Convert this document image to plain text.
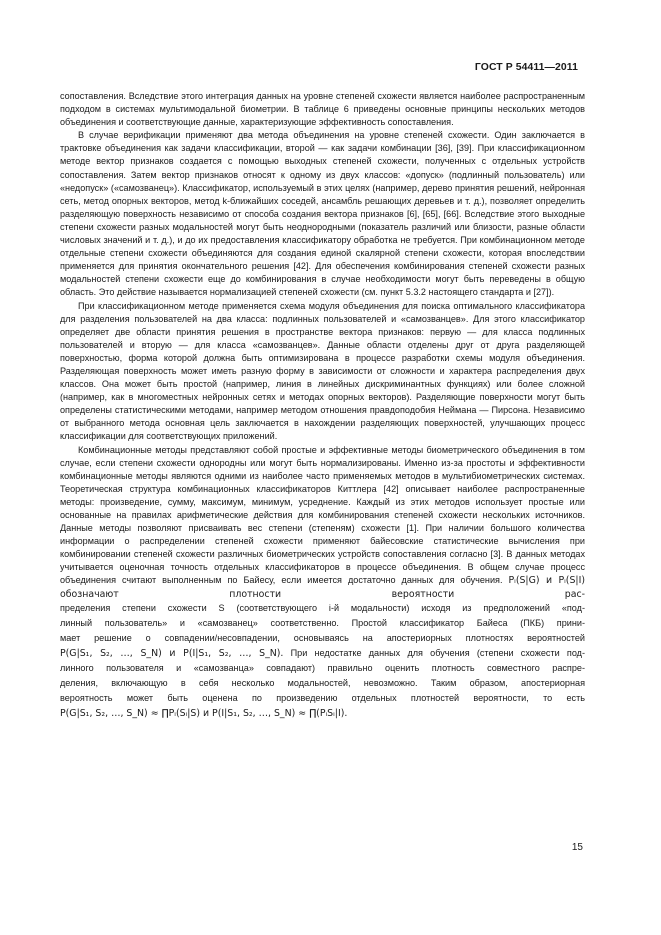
ГОСТ Р 54411—2011

сопоставления. Вследствие этого интеграция данных на уровне степеней схожести является наиболее распространенным подходом в системах мультимодальной биометрии. В таблице 6 приведены основные принципы нескольких методов объединения и соответствующие данные, характеризующие эффективность сопоставления.

В случае верификации применяют два метода объединения на уровне степеней схожести. Один заключается в трактовке объединения как задачи классификации, второй — как задачи комбинации [36], [39]. При классификационном методе вектор признаков создается с помощью выходных степеней схожести, полученных с отдельных устройств сопоставления. Затем вектор признаков относят к одному из двух классов: «допуск» (подлинный пользователь) или «недопуск» («самозванец»). Классификатор, используемый в этих целях (например, дерево принятия решений, нейронная сеть, метод опорных векторов, метод k-ближайших соседей, ансамбль решающих деревьев и т. д.), позволяет определить разделяющую поверхность независимо от способа создания вектора признаков [6], [65], [66]. Вследствие этого выходные степени схожести разных модальностей могут быть неоднородными (показатель различий или близости, разные области числовых значений и т. д.), и до их предоставления классификатору обработка не требуется. При комбинационном методе отдельные степени схожести объединяются для создания единой скалярной степени схожести, которая впоследствии применяется для принятия окончательного решения [42]. Для обеспечения комбинирования степеней схожести разных модальностей степени схожести еще до комбинирования в случае необходимости могут быть переведены в общую область. Это действие называется нормализацией степеней схожести (см. пункт 5.3.2 настоящего стандарта и [27]).

При классификационном методе применяется схема модуля объединения для поиска оптимального классификатора для разделения пользователей на два класса: подлинных пользователей и «самозванцев». Для этого классификатор определяет две области принятия решения в пространстве вектора признаков: первую — для класса подлинных пользователей и вторую — для класса «самозванцев». Данные области отделены друг от друга разделяющей поверхностью, форма которой должна быть оптимизирована в процессе разработки схемы модуля объединения. Разделяющая поверхность может иметь разную форму в зависимости от сложности и характера распределения двух классов. Она может быть простой (например, линия в линейных дискриминантных функциях) или более сложной (например, как в многоместных нейронных сетях и методах опорных векторов). Разделяющие поверхности могут быть определены статистическими методами, например методом отношения правдоподобия Неймана — Пирсона. Независимо от выбранного метода основная цель заключается в нахождении разделяющих поверхностей, улучшающих процесс классификации для соответствующих приложений.

Комбинационные методы представляют собой простые и эффективные методы биометрического объединения в том случае, если степени схожести однородны или могут быть нормализированы. Именно из-за простоты и эффективности комбинационные методы являются одними из наиболее часто применяемых методов в мультибиометрических системах. Теоретическая структура комбинационных классификаторов Киттлера [42] описывает наиболее распространенные методы: произведение, сумму, максимум, минимум, усреднение. Каждый из этих методов использует простые или основанные на правилах арифметические действия для комбинирования степеней схожести нескольких источников. Данные методы позволяют присваивать вес степени (степеням) схожести [1]. При наличии большого количества информации о распределении степеней схожести применяют байесовские статистические вычисления при комбинировании степеней схожести различных биометрических устройств сопоставления согласно [3]. В данных методах учитывается оценочная точность отдельных классификаторов в процессе объединения. В общем случае процесс объединения считают выполненным по Байесу, если имеется достаточно данных для обучения. Pᵢ(S|G) и Pᵢ(S|I) обозначают плотности вероятности рас-

пределения степени схожести S (соответствующего i-й модальности) исходя из предположений «под-

линный пользователь» и «самозванец» соответственно. Простой классификатор Байеса (ПКБ) прини-

мает решение о совпадении/несовпадении, основываясь на апостериорных плотностях вероятностей

P(G|S₁, S₂, …, S_N) и P(I|S₁, S₂, …, S_N). При недостатке данных для обучения (степени схожести под-

линного пользователя и «самозванца» совпадают) правильно оценить плотность совместного распре-

деления, включающую в себя несколько модальностей, невозможно. Таким образом, апостериорная

вероятность может быть оценена по произведению отдельных плотностей вероятности, то есть

P(G|S₁, S₂, …, S_N) ≈ ∏Pᵢ(Sᵢ|S) и P(I|S₁, S₂, …, S_N) ≈ ∏(PᵢSᵢ|I).

15
